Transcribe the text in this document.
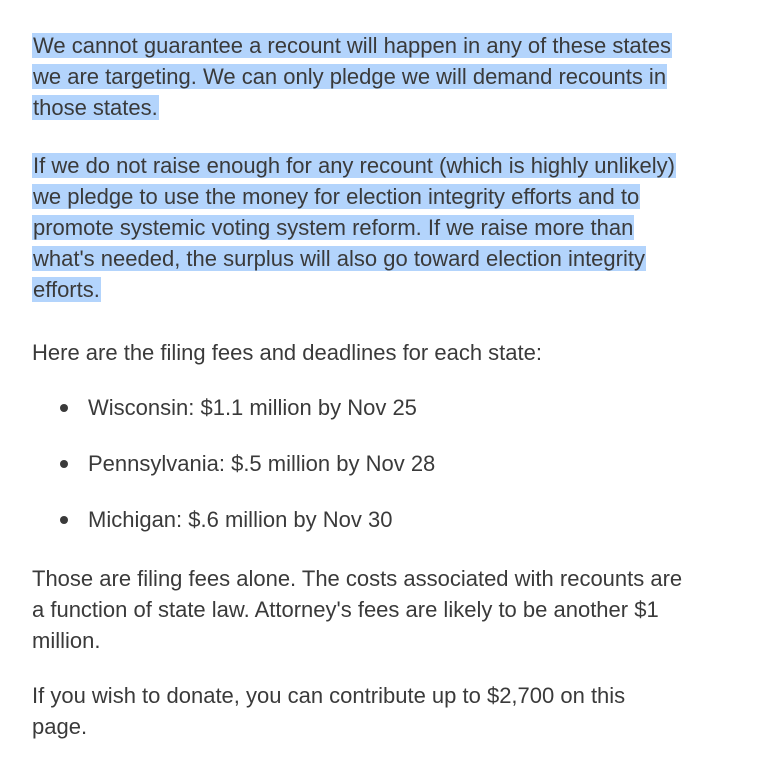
We cannot guarantee a recount will happen in any of these states
we are targeting. We can only pledge we will demand recounts in
those states.

If we do not raise enough for any recount (which is highly unlikely)
we pledge to use the money for election integrity efforts and to
promote systemic voting system reform. If we raise more than
what's needed, the surplus will also go toward election integrity
efforts.

Here are the filing fees and deadlines for each state:

Wisconsin: $1.1 million by Nov 25
Pennsylvania: $.5 million by Nov 28
Michigan: $.6 million by Nov 30

Those are filing fees alone. The costs associated with recounts are
a function of state law. Attorney's fees are likely to be another $1
million.

If you wish to donate, you can contribute up to $2,700 on this
page.
